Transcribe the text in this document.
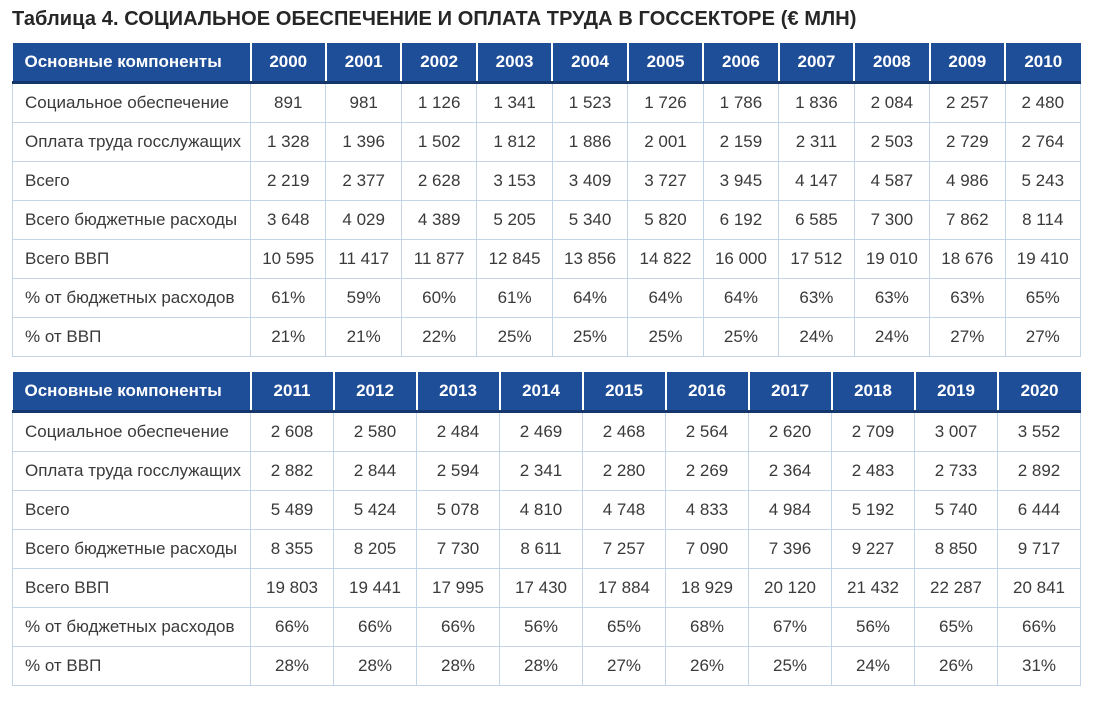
Таблица 4. СОЦИАЛЬНОЕ ОБЕСПЕЧЕНИЕ И ОПЛАТА ТРУДА В ГОССЕКТОРЕ (€ МЛН)
Основные компоненты	2000	2001	2002	2003	2004	2005	2006	2007	2008	2009	2010
Социальное обеспечение	891	981	1 126	1 341	1 523	1 726	1 786	1 836	2 084	2 257	2 480
Оплата труда госслужащих	1 328	1 396	1 502	1 812	1 886	2 001	2 159	2 311	2 503	2 729	2 764
Всего	2 219	2 377	2 628	3 153	3 409	3 727	3 945	4 147	4 587	4 986	5 243
Всего бюджетные расходы	3 648	4 029	4 389	5 205	5 340	5 820	6 192	6 585	7 300	7 862	8 114
Всего ВВП	10 595	11 417	11 877	12 845	13 856	14 822	16 000	17 512	19 010	18 676	19 410
% от бюджетных расходов	61%	59%	60%	61%	64%	64%	64%	63%	63%	63%	65%
% от ВВП	21%	21%	22%	25%	25%	25%	25%	24%	24%	27%	27%
Основные компоненты	2011	2012	2013	2014	2015	2016	2017	2018	2019	2020
Социальное обеспечение	2 608	2 580	2 484	2 469	2 468	2 564	2 620	2 709	3 007	3 552
Оплата труда госслужащих	2 882	2 844	2 594	2 341	2 280	2 269	2 364	2 483	2 733	2 892
Всего	5 489	5 424	5 078	4 810	4 748	4 833	4 984	5 192	5 740	6 444
Всего бюджетные расходы	8 355	8 205	7 730	8 611	7 257	7 090	7 396	9 227	8 850	9 717
Всего ВВП	19 803	19 441	17 995	17 430	17 884	18 929	20 120	21 432	22 287	20 841
% от бюджетных расходов	66%	66%	66%	56%	65%	68%	67%	56%	65%	66%
% от ВВП	28%	28%	28%	28%	27%	26%	25%	24%	26%	31%
